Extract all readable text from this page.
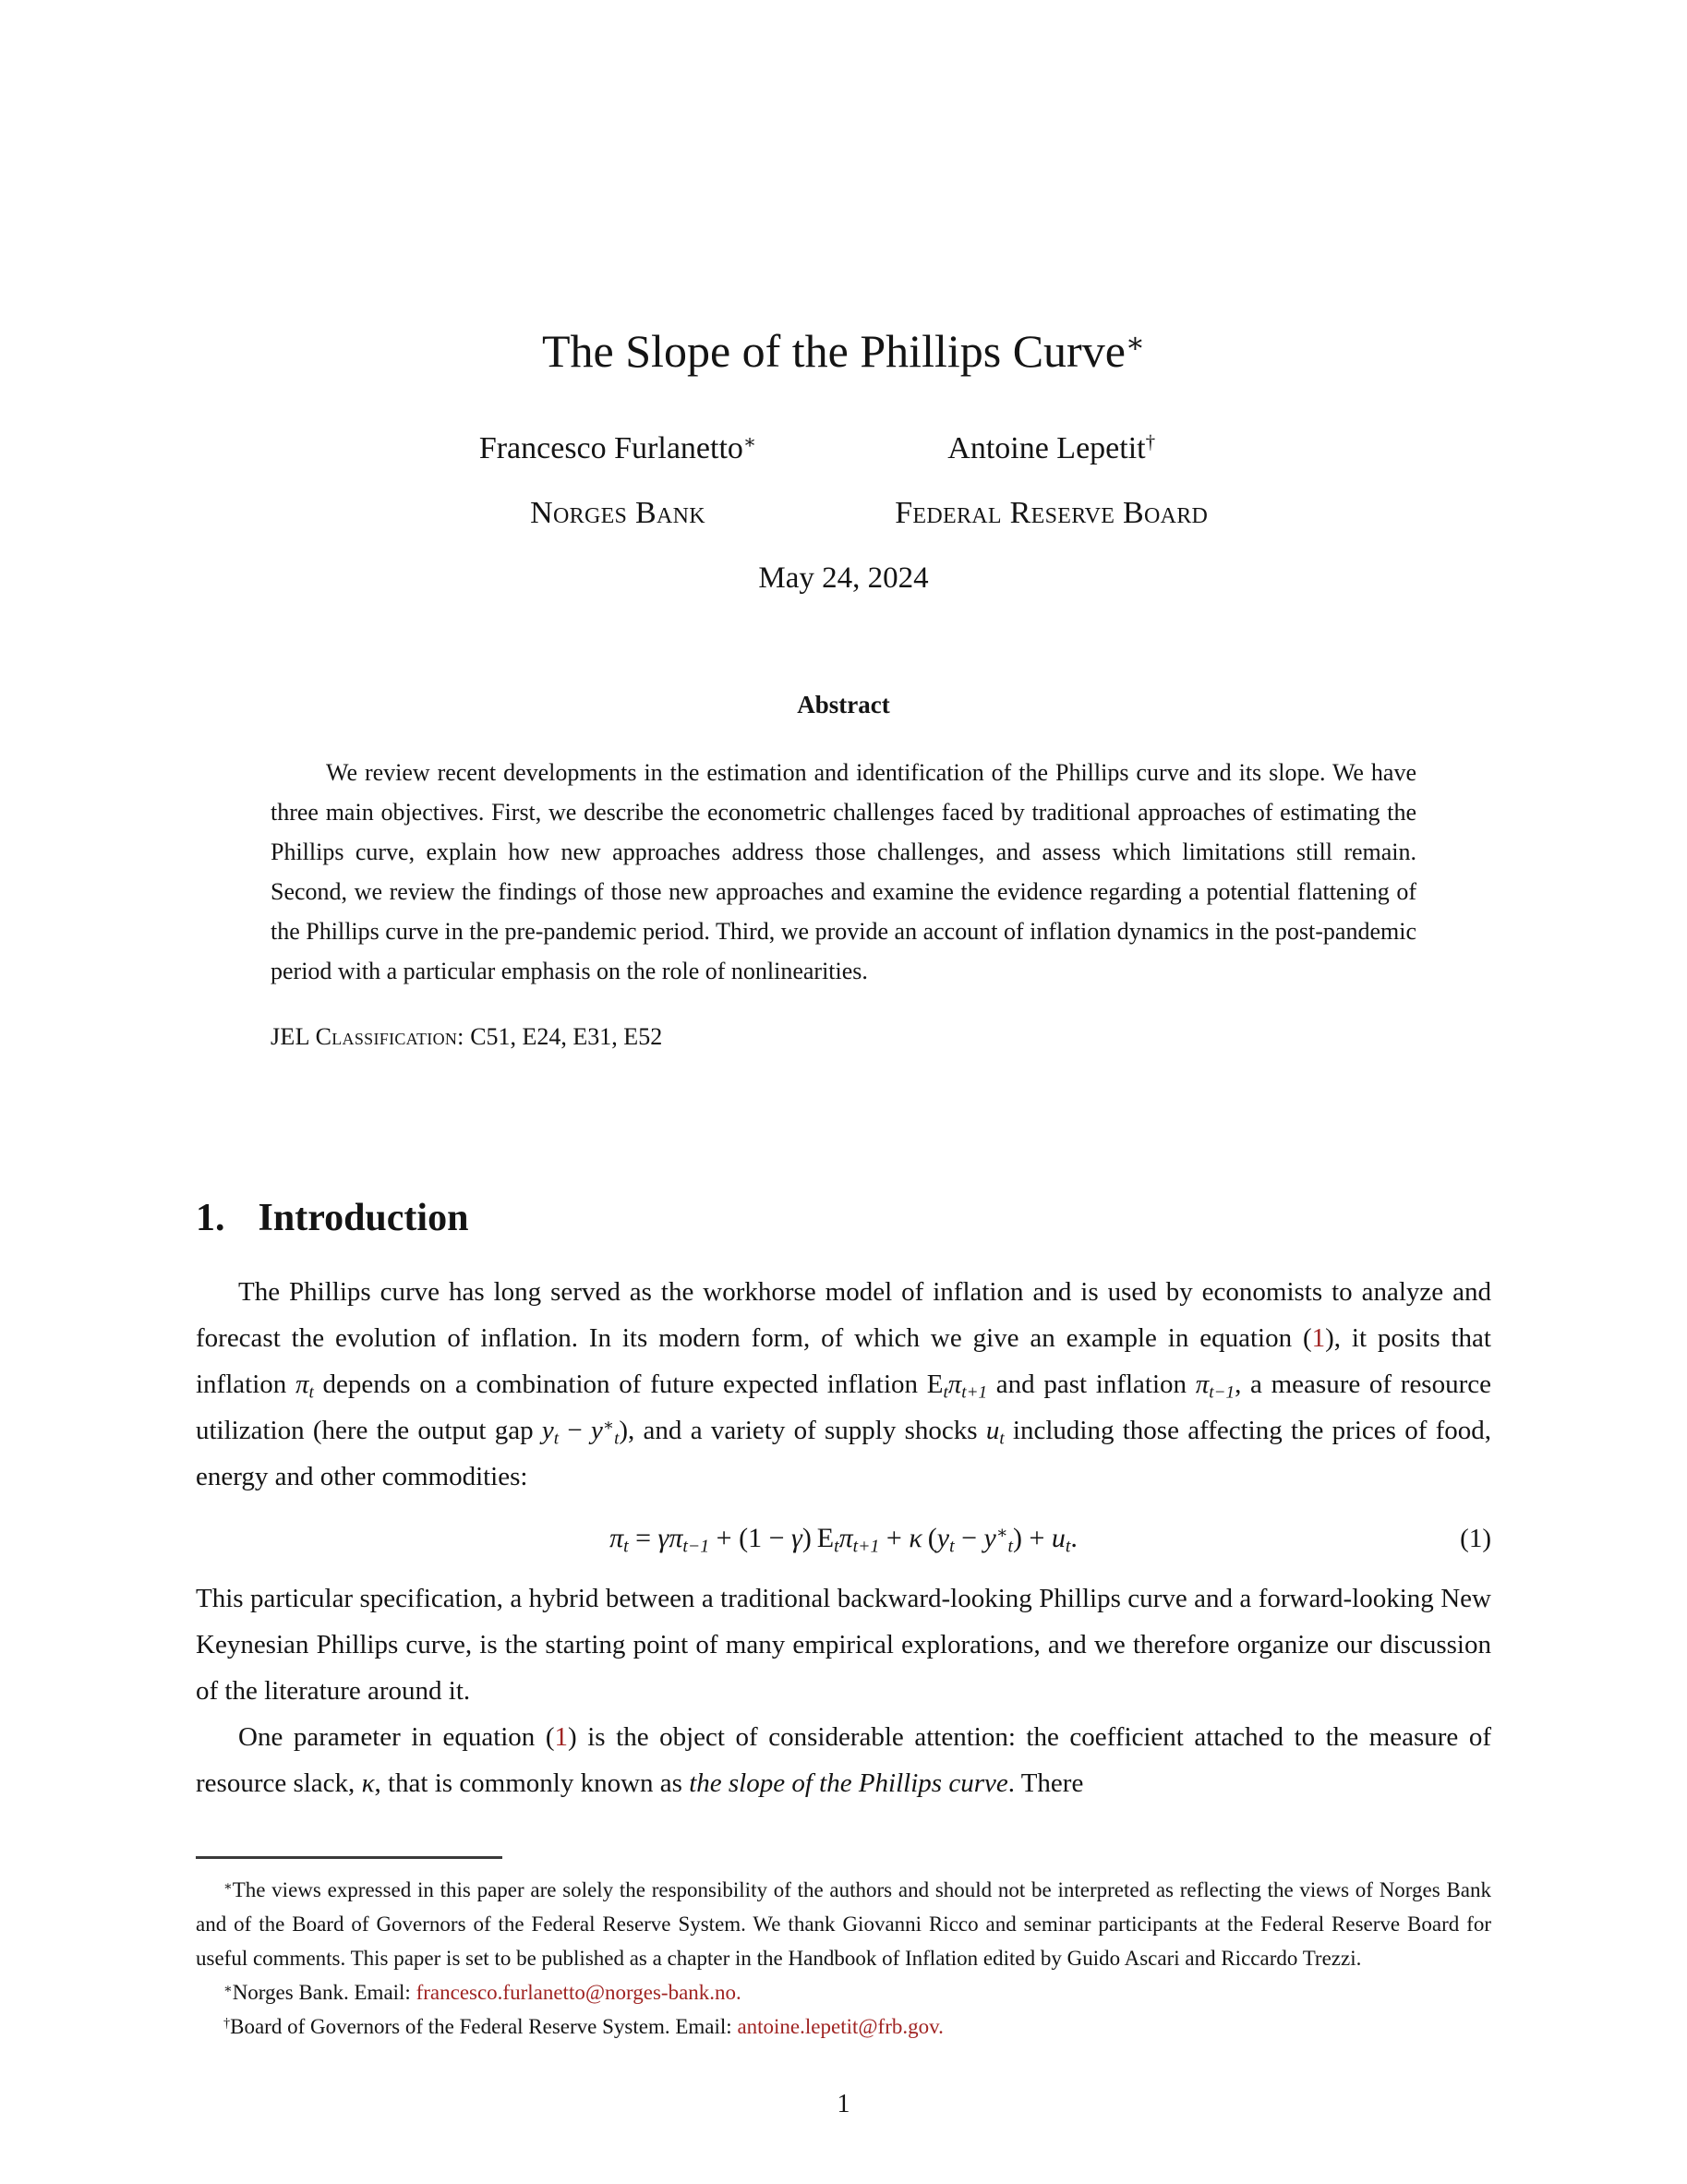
The Slope of the Phillips Curve∗
Francesco Furlanetto∗
Norges Bank
Antoine Lepetit†
Federal Reserve Board
May 24, 2024
Abstract

We review recent developments in the estimation and identification of the Phillips curve and its slope. We have three main objectives. First, we describe the econometric challenges faced by traditional approaches of estimating the Phillips curve, explain how new approaches address those challenges, and assess which limitations still remain. Second, we review the findings of those new approaches and examine the evidence regarding a potential flattening of the Phillips curve in the pre-pandemic period. Third, we provide an account of inflation dynamics in the post-pandemic period with a particular emphasis on the role of nonlinearities.

JEL Classification: C51, E24, E31, E52

1. Introduction

The Phillips curve has long served as the workhorse model of inflation and is used by economists to analyze and forecast the evolution of inflation. In its modern form, of which we give an example in equation (1), it posits that inflation $\pi_t$ depends on a combination of future expected inflation $E_t\pi_{t+1}$ and past inflation $\pi_{t-1}$, a measure of resource utilization (here the output gap $y_t - y^∗_t$), and a variety of supply shocks $u_t$ including those affecting the prices of food, energy and other commodities:

$\pi_t = \gamma\pi_{t-1} + (1 - \gamma) E_t\pi_{t+1} + \kappa$ $(y_t - y^∗_t) + u_t$.	(1)

This particular specification, a hybrid between a traditional backward-looking Phillips curve and a forward-looking New Keynesian Phillips curve, is the starting point of many empirical explorations, and we therefore organize our discussion of the literature around it.

One parameter in equation (1) is the object of considerable attention: the coefficient attached to the measure of resource slack, κ, that is commonly known as the slope of the Phillips curve. There

∗The views expressed in this paper are solely the responsibility of the authors and should not be interpreted as reflecting the views of Norges Bank and of the Board of Governors of the Federal Reserve System. We thank Giovanni Ricco and seminar participants at the Federal Reserve Board for useful comments. This paper is set to be published as a chapter in the Handbook of Inflation edited by Guido Ascari and Riccardo Trezzi.

∗Norges Bank. Email: francesco.furlanetto@norges-bank.no.

†Board of Governors of the Federal Reserve System. Email: antoine.lepetit@frb.gov.

1
